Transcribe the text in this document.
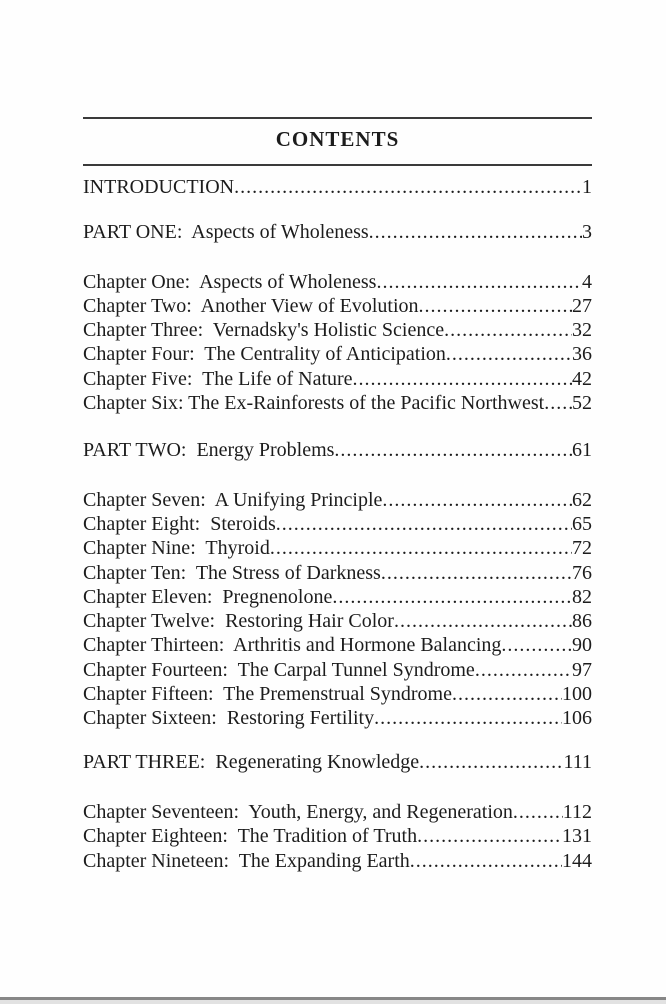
CONTENTS
INTRODUCTION .....	1
PART ONE:  Aspects of Wholeness .....	3
Chapter One:  Aspects of Wholeness .....	4
Chapter Two:  Another View of Evolution .....	27
Chapter Three:  Vernadsky's Holistic Science .....	32
Chapter Four:  The Centrality of Anticipation .....	36
Chapter Five:  The Life of Nature .....	42
Chapter Six: The Ex-Rainforests of the Pacific Northwest ..... 52
PART TWO:  Energy Problems .....	61
Chapter Seven:  A Unifying Principle .....	62
Chapter Eight:  Steroids .....	65
Chapter Nine:  Thyroid .....	72
Chapter Ten:  The Stress of Darkness .....	76
Chapter Eleven:  Pregnenolone .....	82
Chapter Twelve:  Restoring Hair Color .....	86
Chapter Thirteen:  Arthritis and Hormone Balancing .....	90
Chapter Fourteen:  The Carpal Tunnel Syndrome .....	97
Chapter Fifteen:  The Premenstrual Syndrome .....	100
Chapter Sixteen:  Restoring Fertility .....	106
PART THREE:  Regenerating Knowledge .....	111
Chapter Seventeen:  Youth, Energy, and Regeneration ..... 112
Chapter Eighteen:  The Tradition of Truth .....	131
Chapter Nineteen:  The Expanding Earth .....	144
